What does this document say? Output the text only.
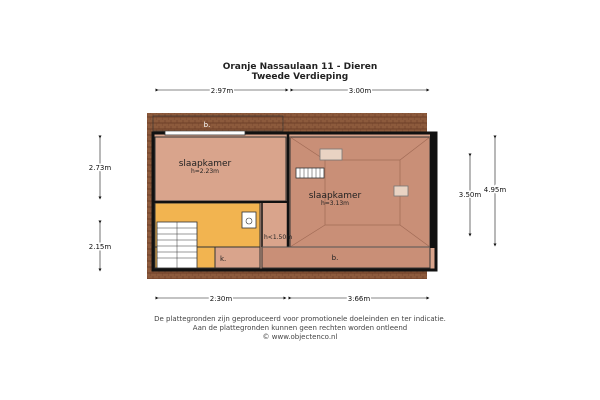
Oranje Nassaulaan 11 - Dieren
Tweede Verdieping
slaapkamer
h=2.23m
slaapkamer
h=3.13m
h<1.50m
b.
b.
k.
2.97m	3.00m
2.73m
2.15m
3.50m
4.95m
2.30m	3.66m
De plattegronden zijn geproduceerd voor promotionele doeleinden en ter indicatie.
Aan de plattegronden kunnen geen rechten worden ontleend
© www.objectenco.nl
